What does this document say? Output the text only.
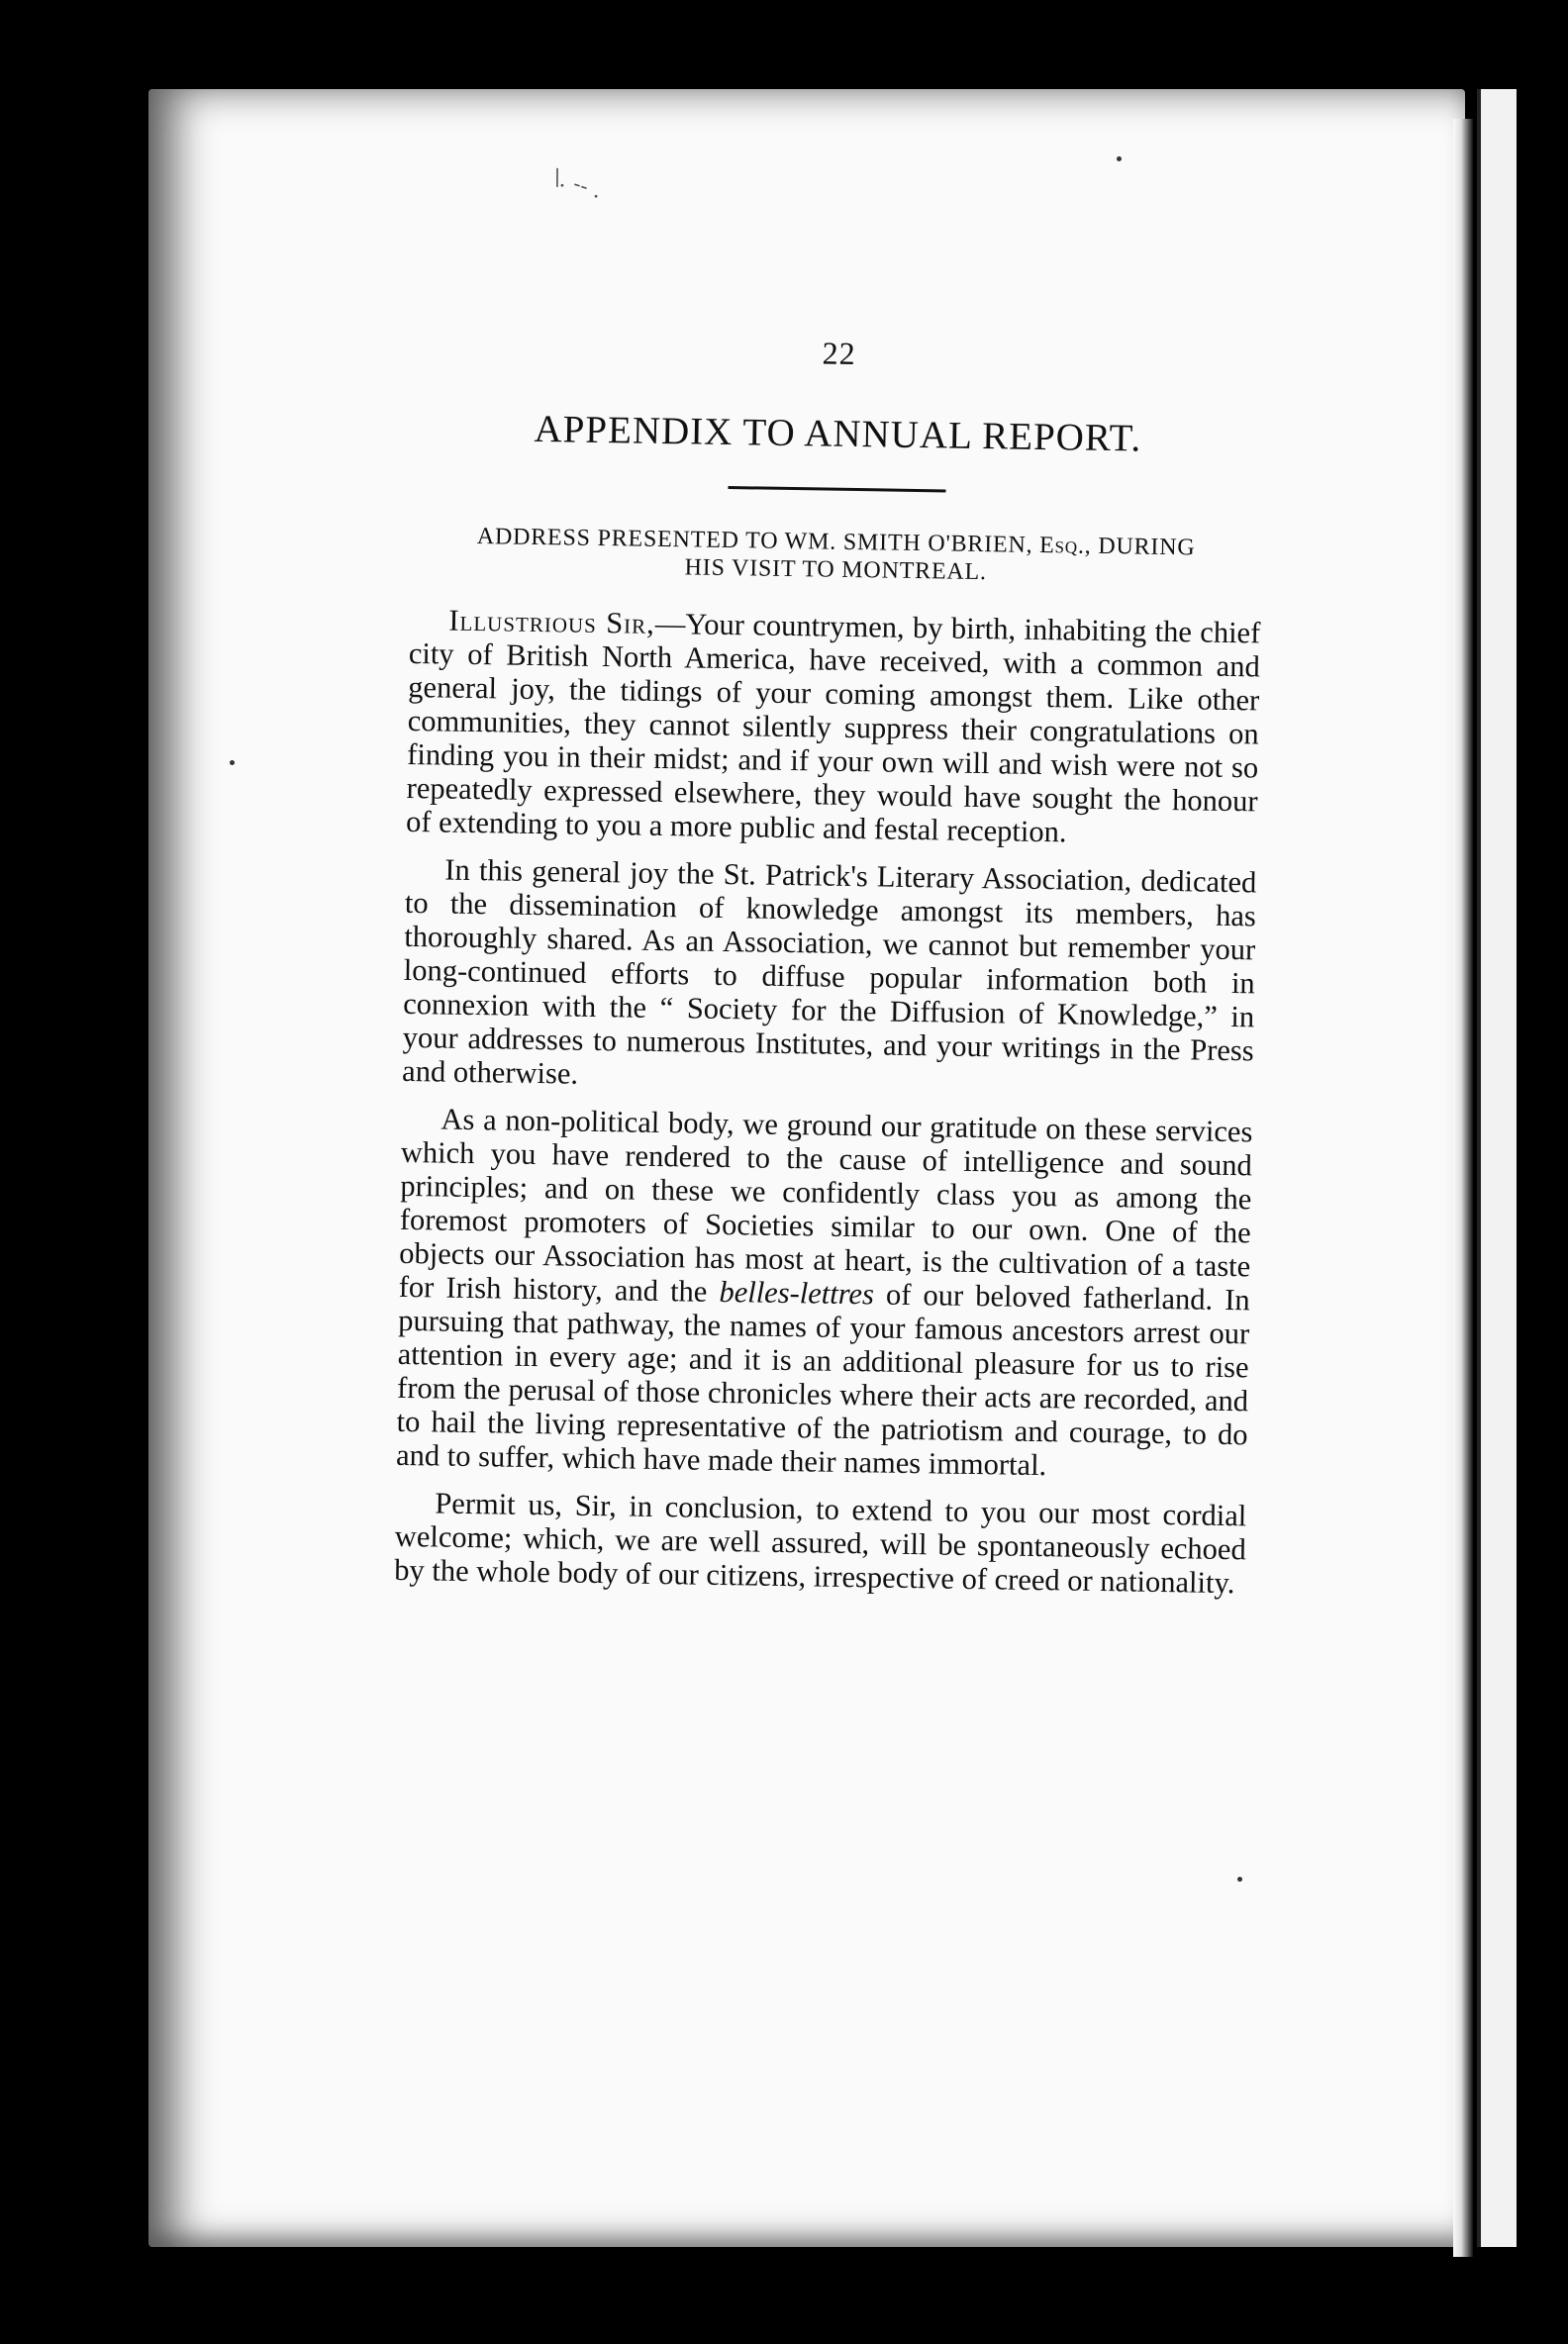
\. -- .
22
APPENDIX TO ANNUAL REPORT.
ADDRESS PRESENTED TO WM. SMITH O'BRIEN, Esq., DURING
HIS VISIT TO MONTREAL.

Illustrious Sir,—Your countrymen, by birth, inhabiting the chief city of British North America, have received, with a common and general joy, the tidings of your coming amongst them. Like other communities, they cannot silently suppress their congratulations on finding you in their midst; and if your own will and wish were not so repeatedly expressed elsewhere, they would have sought the honour of extending to you a more public and festal reception.

In this general joy the St. Patrick's Literary Association, dedicated to the dissemination of knowledge amongst its members, has thoroughly shared. As an Association, we cannot but remember your long-continued efforts to diffuse popular information both in connexion with the “ Society for the Diffusion of Knowledge,” in your addresses to numerous Institutes, and your writings in the Press and otherwise.

As a non-political body, we ground our gratitude on these services which you have rendered to the cause of intelligence and sound principles; and on these we confidently class you as among the foremost promoters of Societies similar to our own. One of the objects our Association has most at heart, is the cultivation of a taste for Irish history, and the belles-lettres of our beloved fatherland. In pursuing that pathway, the names of your famous ancestors arrest our attention in every age; and it is an additional pleasure for us to rise from the perusal of those chronicles where their acts are recorded, and to hail the living representative of the patriotism and courage, to do and to suffer, which have made their names immortal.

Permit us, Sir, in conclusion, to extend to you our most cordial welcome; which, we are well assured, will be spontaneously echoed by the whole body of our citizens, irrespective of creed or nationality.
